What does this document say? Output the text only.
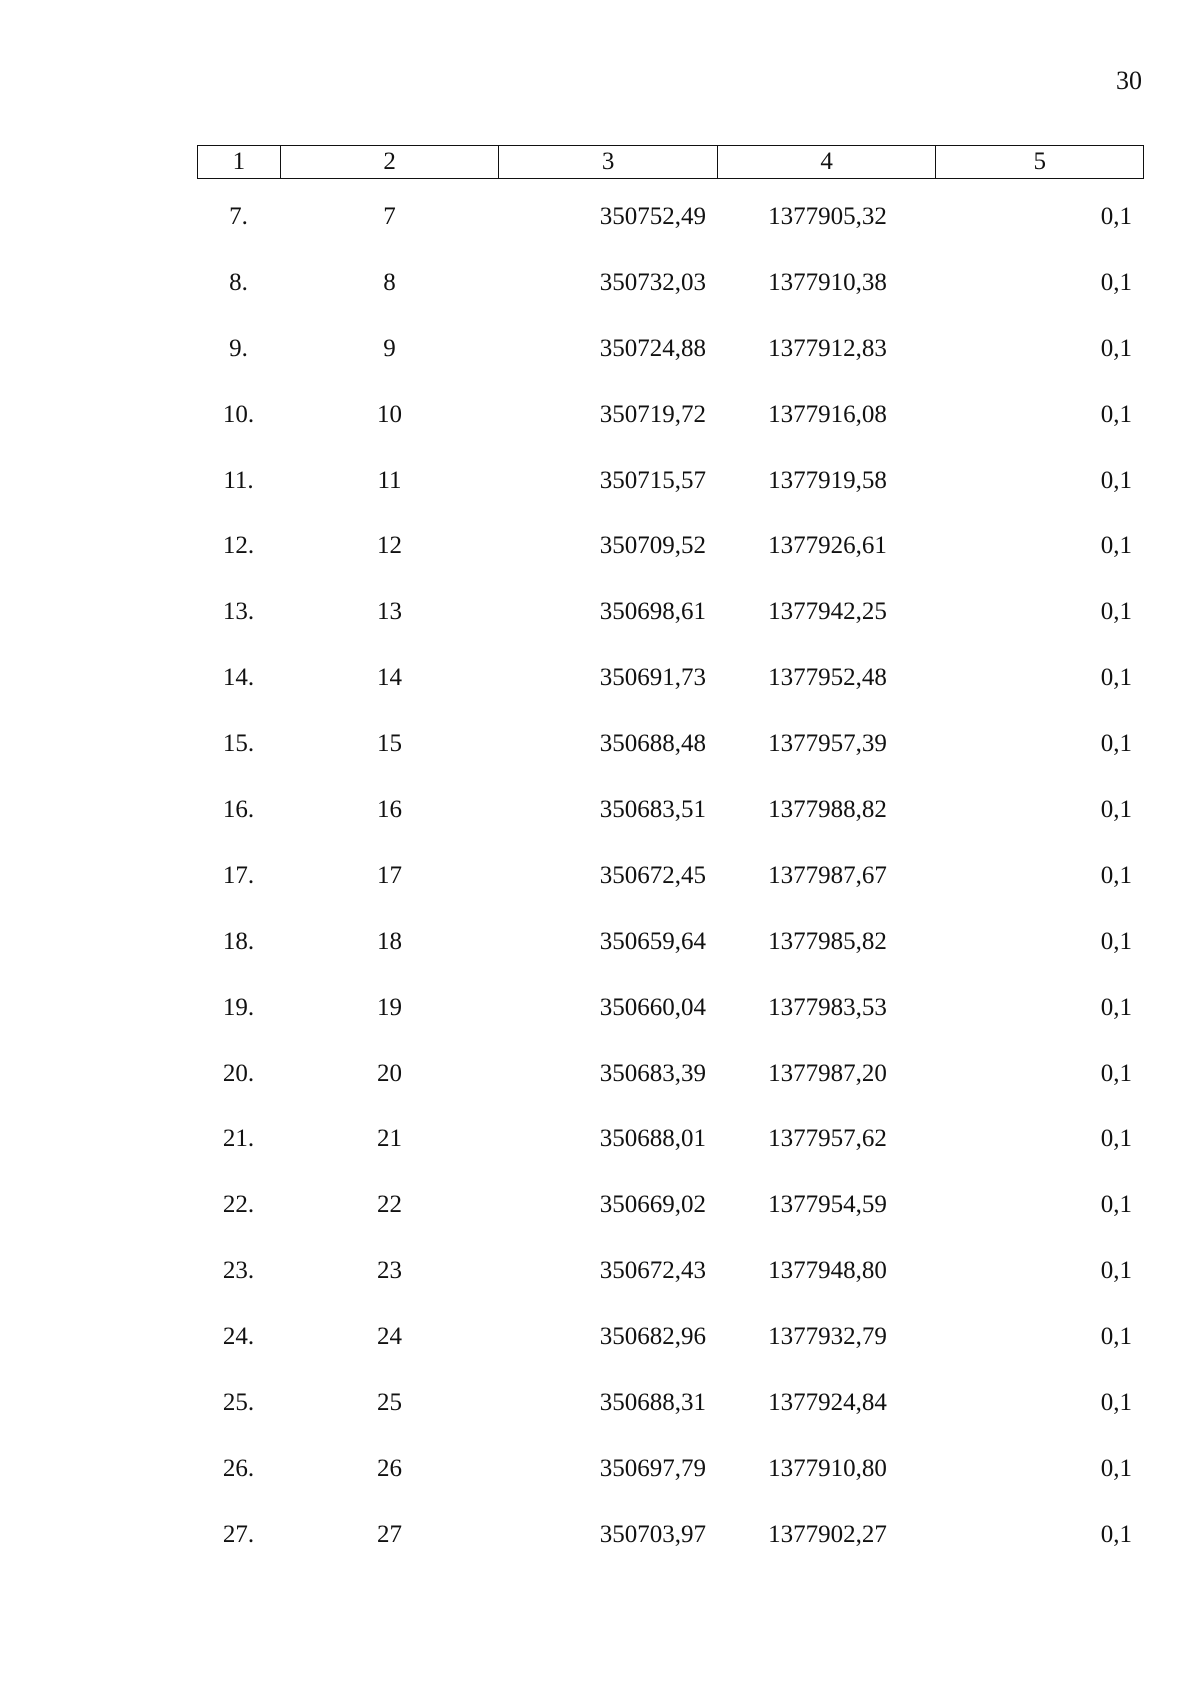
30
1	2	3	4	5
7.	7	350752,49	1377905,32	0,1
8.	8	350732,03	1377910,38	0,1
9.	9	350724,88	1377912,83	0,1
10.	10	350719,72	1377916,08	0,1
11.	11	350715,57	1377919,58	0,1
12.	12	350709,52	1377926,61	0,1
13.	13	350698,61	1377942,25	0,1
14.	14	350691,73	1377952,48	0,1
15.	15	350688,48	1377957,39	0,1
16.	16	350683,51	1377988,82	0,1
17.	17	350672,45	1377987,67	0,1
18.	18	350659,64	1377985,82	0,1
19.	19	350660,04	1377983,53	0,1
20.	20	350683,39	1377987,20	0,1
21.	21	350688,01	1377957,62	0,1
22.	22	350669,02	1377954,59	0,1
23.	23	350672,43	1377948,80	0,1
24.	24	350682,96	1377932,79	0,1
25.	25	350688,31	1377924,84	0,1
26.	26	350697,79	1377910,80	0,1
27.	27	350703,97	1377902,27	0,1
